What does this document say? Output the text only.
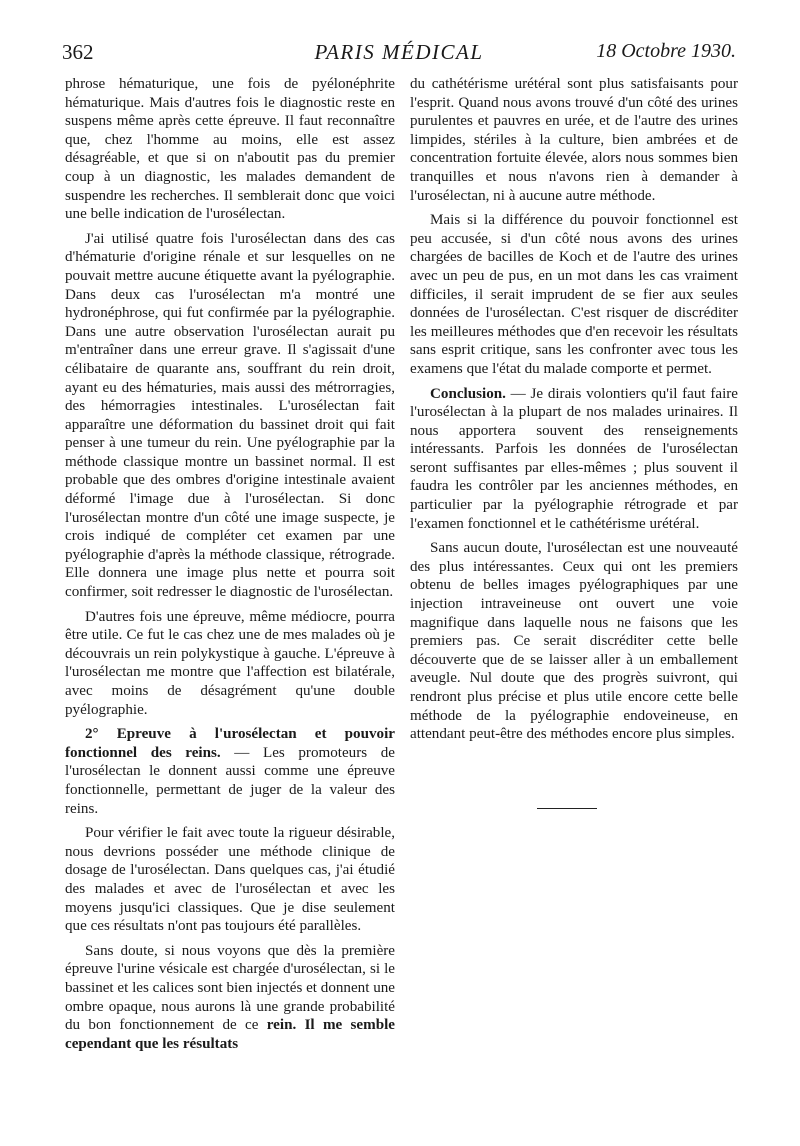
362	PARIS MÉDICAL	18 Octobre 1930.

phrose hématurique, une fois de pyélonéphrite hématurique. Mais d'autres fois le diagnostic reste en suspens même après cette épreuve. Il faut reconnaître que, chez l'homme au moins, elle est assez désagréable, et que si on n'aboutit pas du premier coup à un diagnostic, les malades demandent de suspendre les recherches. Il semblerait donc que voici une belle indication de l'urosélectan.

J'ai utilisé quatre fois l'urosélectan dans des cas d'hématurie d'origine rénale et sur lesquelles on ne pouvait mettre aucune étiquette avant la pyélographie. Dans deux cas l'urosélectan m'a montré une hydronéphrose, qui fut confirmée par la pyélographie. Dans une autre observation l'urosélectan aurait pu m'entraîner dans une erreur grave. Il s'agissait d'une célibataire de quarante ans, souffrant du rein droit, ayant eu des hématuries, mais aussi des métrorragies, des hémorragies intestinales. L'urosélectan fait apparaître une déformation du bassinet droit qui fait penser à une tumeur du rein. Une pyélographie par la méthode classique montre un bassinet normal. Il est probable que des ombres d'origine intestinale avaient déformé l'image due à l'urosélectan. Si donc l'urosélectan montre d'un côté une image suspecte, je crois indiqué de compléter cet examen par une pyélographie d'après la méthode classique, rétrograde. Elle donnera une image plus nette et pourra soit confirmer, soit redresser le diagnostic de l'urosélectan.

D'autres fois une épreuve, même médiocre, pourra être utile. Ce fut le cas chez une de mes malades où je découvrais un rein polykystique à gauche. L'épreuve à l'urosélectan me montre que l'affection est bilatérale, avec moins de désagrément qu'une double pyélographie.

2° Epreuve à l'urosélectan et pouvoir fonctionnel des reins. — Les promoteurs de l'urosélectan le donnent aussi comme une épreuve fonctionnelle, permettant de juger de la valeur des reins.

Pour vérifier le fait avec toute la rigueur désirable, nous devrions posséder une méthode clinique de dosage de l'urosélectan. Dans quelques cas, j'ai étudié des malades et avec de l'urosélectan et avec les moyens jusqu'ici classiques. Que je dise seulement que ces résultats n'ont pas toujours été parallèles.

Sans doute, si nous voyons que dès la première épreuve l'urine vésicale est chargée d'urosélectan, si le bassinet et les calices sont bien injectés et donnent une ombre opaque, nous aurons là une grande probabilité du bon fonctionnement de ce rein. Il me semble cependant que les résultats

du cathétérisme urétéral sont plus satisfaisants pour l'esprit. Quand nous avons trouvé d'un côté des urines purulentes et pauvres en urée, et de l'autre des urines limpides, stériles à la culture, bien ambrées et de concentration fortuite élevée, alors nous sommes bien tranquilles et nous n'avons rien à demander à l'urosélectan, ni à aucune autre méthode.

Mais si la différence du pouvoir fonctionnel est peu accusée, si d'un côté nous avons des urines chargées de bacilles de Koch et de l'autre des urines avec un peu de pus, en un mot dans les cas vraiment difficiles, il serait imprudent de se fier aux seules données de l'urosélectan. C'est risquer de discréditer les meilleures méthodes que d'en recevoir les résultats sans esprit critique, sans les confronter avec tous les examens que l'état du malade comporte et permet.

Conclusion. — Je dirais volontiers qu'il faut faire l'urosélectan à la plupart de nos malades urinaires. Il nous apportera souvent des renseignements intéressants. Parfois les données de l'urosélectan seront suffisantes par elles-mêmes ; plus souvent il faudra les contrôler par les anciennes méthodes, en particulier par la pyélographie rétrograde et par l'examen fonctionnel et le cathétérisme urétéral.

Sans aucun doute, l'urosélectan est une nouveauté des plus intéressantes. Ceux qui ont les premiers obtenu de belles images pyélographiques par une injection intraveineuse ont ouvert une voie magnifique dans laquelle nous ne faisons que les premiers pas. Ce serait discréditer cette belle découverte que de se laisser aller à un emballement aveugle. Nul doute que des progrès suivront, qui rendront plus précise et plus utile encore cette belle méthode de la pyélographie endoveineuse, en attendant peut-être des méthodes encore plus simples.
